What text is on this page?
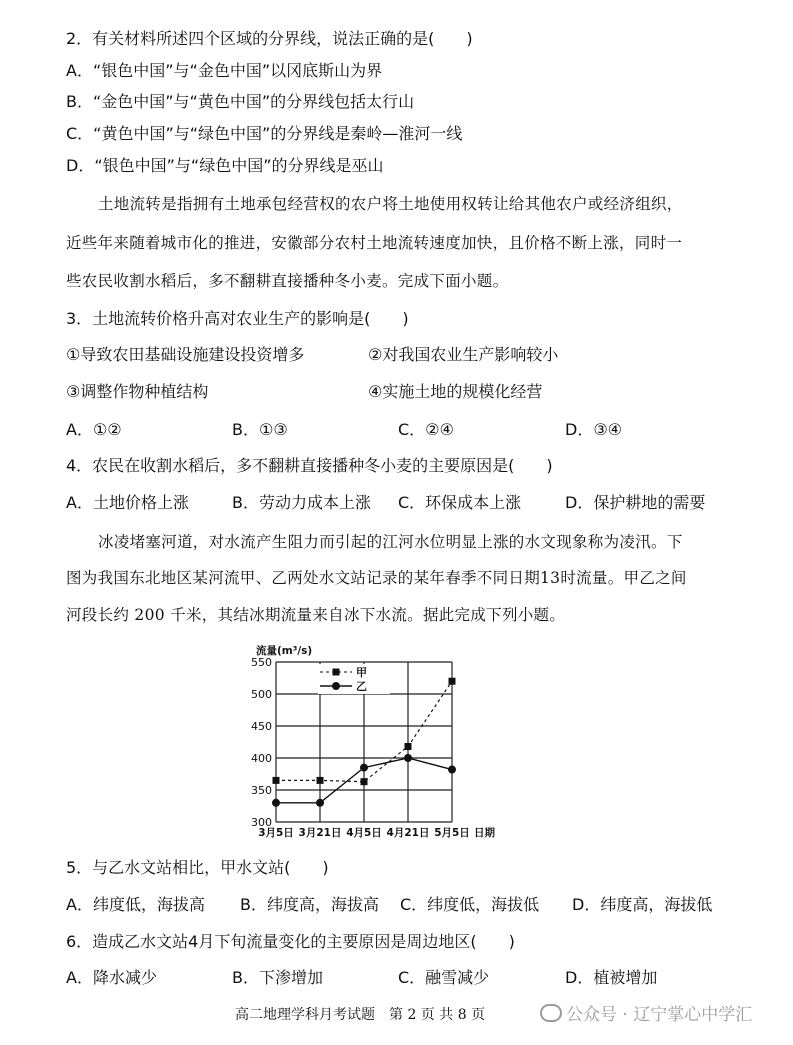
2．有关材料所述四个区域的分界线，说法正确的是(　　)
A．“银色中国”与“金色中国”以冈底斯山为界
B．“金色中国”与“黄色中国”的分界线包括太行山
C．“黄色中国”与“绿色中国”的分界线是秦岭—淮河一线
D．“银色中国”与“绿色中国”的分界线是巫山
土地流转是指拥有土地承包经营权的农户将土地使用权转让给其他农户或经济组织，
近些年来随着城市化的推进，安徽部分农村土地流转速度加快，且价格不断上涨，同时一
些农民收割水稻后，多不翻耕直接播种冬小麦。完成下面小题。
3．土地流转价格升高对农业生产的影响是(　　)
①导致农田基础设施建设投资增多	②对我国农业生产影响较小
③调整作物种植结构	④实施土地的规模化经营
A．①②	B．①③	C．②④	D．③④
4．农民在收割水稻后，多不翻耕直接播种冬小麦的主要原因是(　　)
A．土地价格上涨	B．劳动力成本上涨 C．环保成本上涨	D．保护耕地的需要
冰凌堵塞河道，对水流产生阻力而引起的江河水位明显上涨的水文现象称为凌汛。下
图为我国东北地区某河流甲、乙两处水文站记录的某年春季不同日期13时流量。甲乙之间
河段长约 200 千米，其结冰期流量来自冰下水流。据此完成下列小题。
300
350
400
450
500
550
3月5日 3月21日 4月5日 4月21日 5月5日
流量(m³/s)
日期
甲
乙
5．与乙水文站相比，甲水文站(　　)
A．纬度低，海拔高 B．纬度高，海拔高 C．纬度低，海拔低 D．纬度高，海拔低
6．造成乙水文站4月下旬流量变化的主要原因是周边地区(　　)
A．降水减少	B．下渗增加	C．融雪减少	D．植被增加
高二地理学科月考试题　第 2 页 共 8 页	公众号 · 辽宁掌心中学汇
